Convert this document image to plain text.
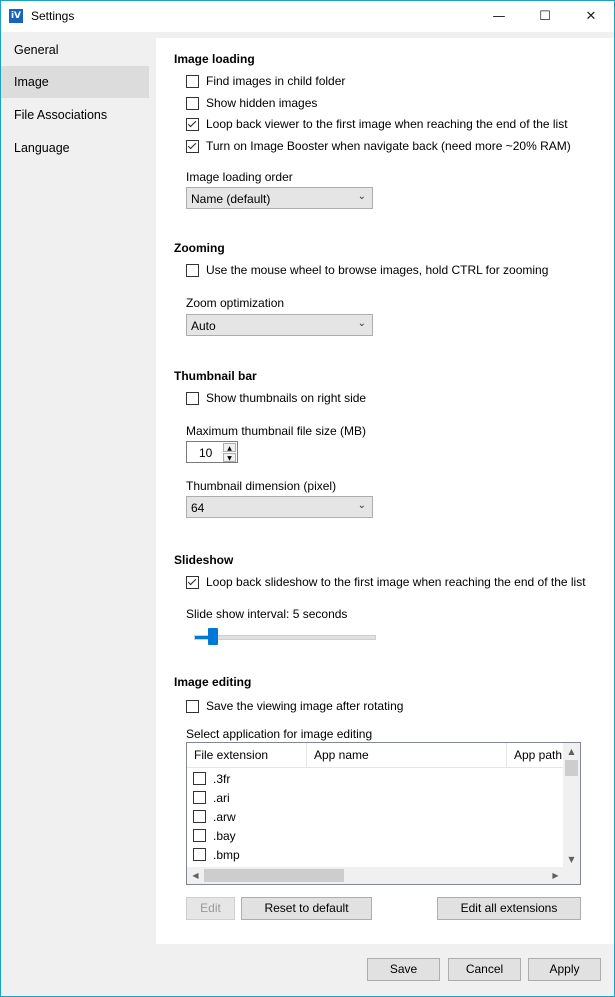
iV Settings	—	☐	✕
General
Image
File Associations
Language
Image loading
Find images in child folder
Show hidden images
Loop back viewer to the first image when reaching the end of the list
Turn on Image Booster when navigate back (need more ~20% RAM)
Image loading order
Name (default)	⌄
Zooming
Use the mouse wheel to browse images, hold CTRL for zooming
Zoom optimization
Auto	⌄
Thumbnail bar
Show thumbnails on right side
Maximum thumbnail file size (MB)
10	▲
▼
Thumbnail dimension (pixel)
64	⌄
Slideshow
Loop back slideshow to the first image when reaching the end of the list
Slide show interval: 5 seconds
Image editing
Save the viewing image after rotating
Select application for image editing
File extension	App name	App path
.3fr
.ari
.arw
.bay
.bmp
▲
▼
◀	▶
Edit	Reset to default	Edit all extensions
Save	Cancel	Apply
